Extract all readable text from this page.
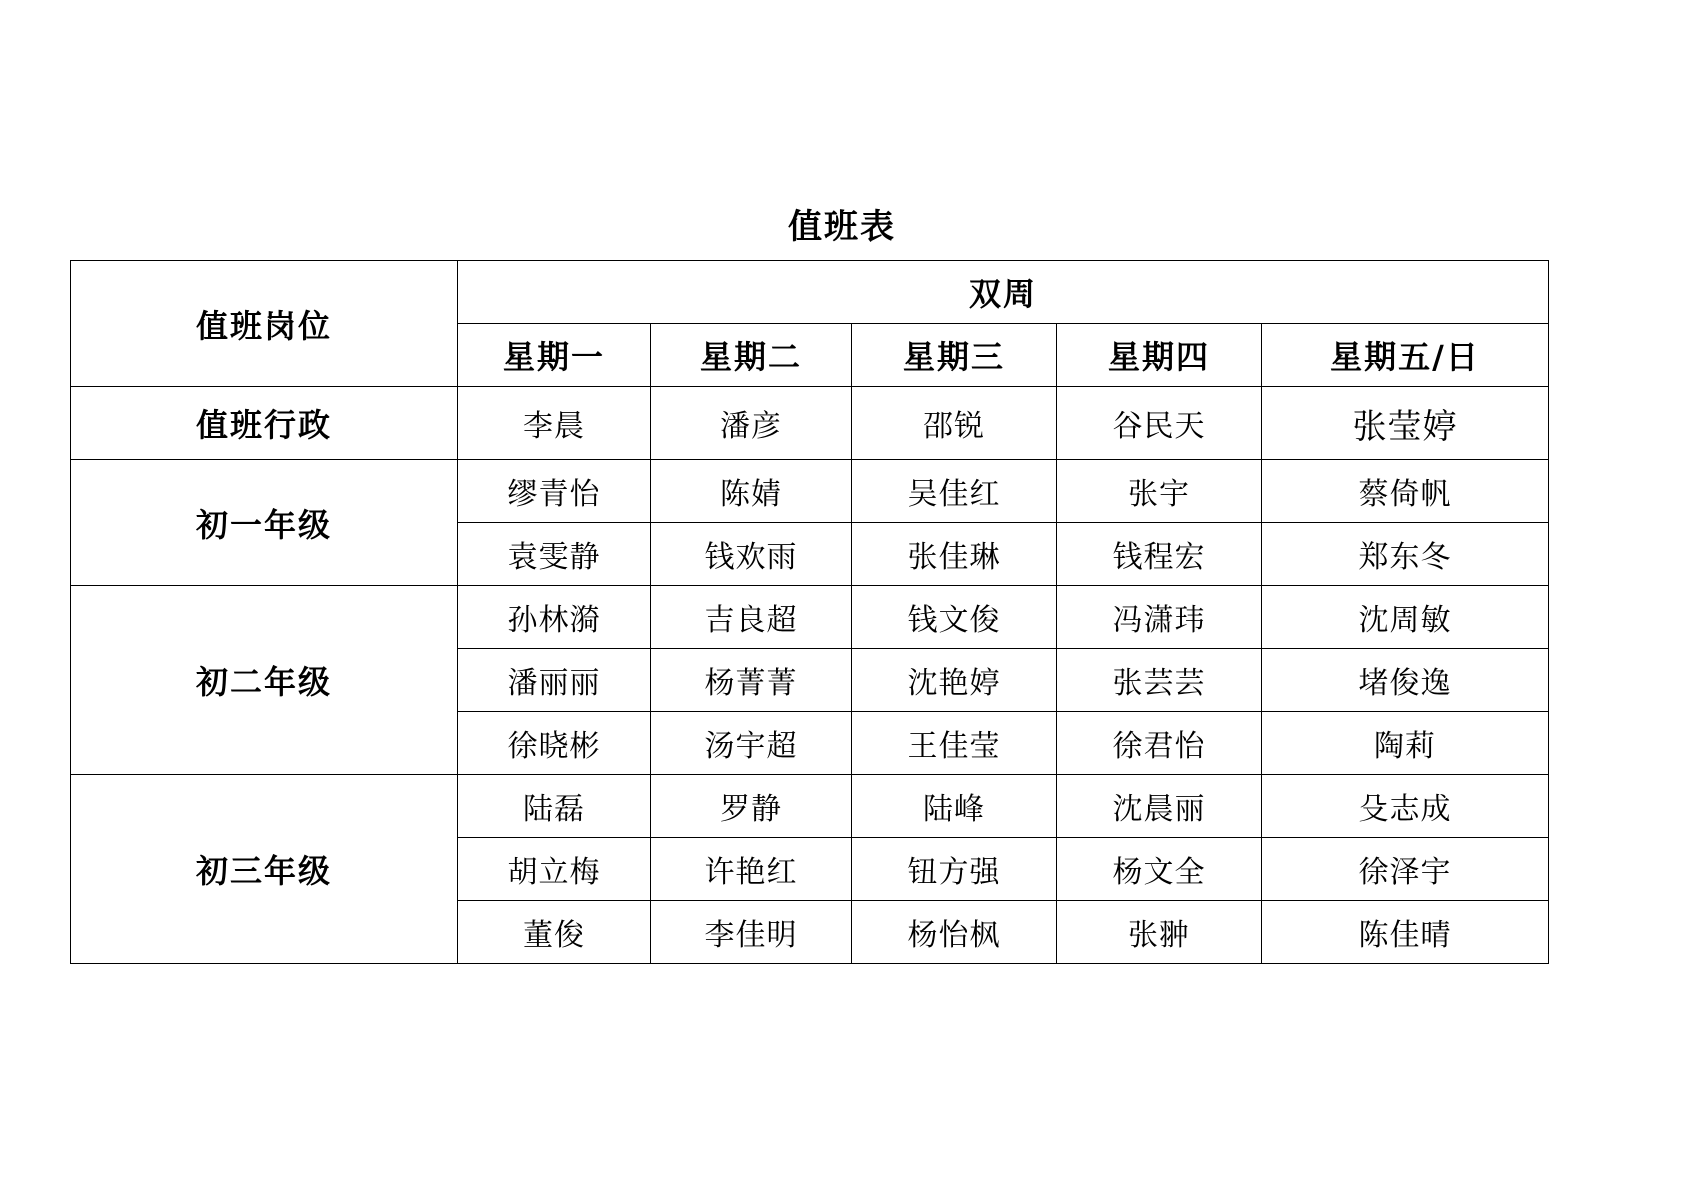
值班表
值班岗位	双周				
	星期一	星期二	星期三	星期四	星期五/日
值班行政	李晨	潘彦	邵锐	谷民天	张莹婷
初一年级	缪青怡	陈婧	吴佳红	张宇	蔡倚帆
	袁雯静	钱欢雨	张佳琳	钱程宏	郑东冬
初二年级	孙林漪	吉良超	钱文俊	冯潇玮	沈周敏
	潘丽丽	杨菁菁	沈艳婷	张芸芸	堵俊逸
	徐晓彬	汤宇超	王佳莹	徐君怡	陶莉
初三年级	陆磊	罗静	陆峰	沈晨丽	殳志成
	胡立梅	许艳红	钮方强	杨文全	徐泽宇
	董俊	李佳明	杨怡枫	张翀	陈佳晴
